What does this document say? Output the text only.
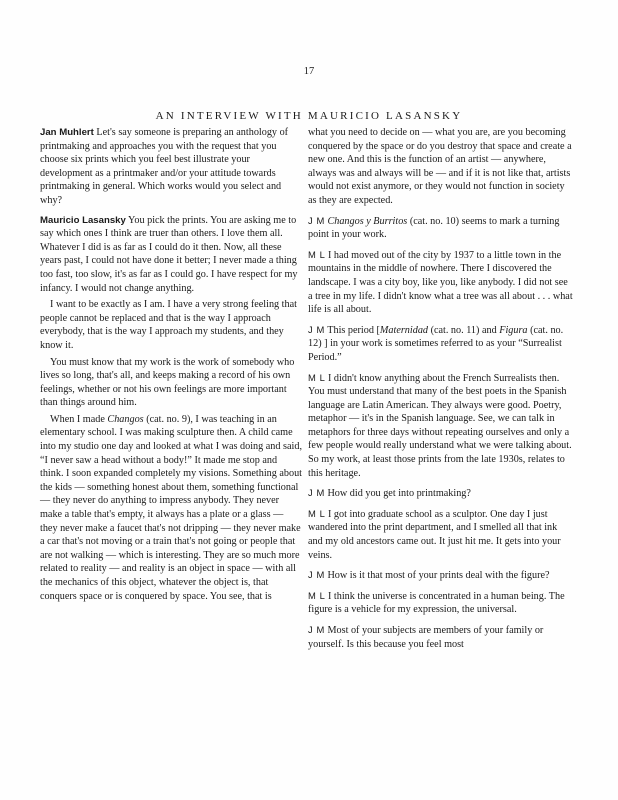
17
AN INTERVIEW WITH MAURICIO LASANSKY

Jan Muhlert Let's say someone is preparing an anthology of printmaking and approaches you with the request that you choose six prints which you feel best illustrate your development as a printmaker and/or your attitude towards printmaking in general. Which works would you select and why?

Mauricio Lasansky You pick the prints. You are asking me to say which ones I think are truer than others. I love them all. Whatever I did is as far as I could do it then. Now, all these years past, I could not have done it better; I never made a thing too fast, too slow, it's as far as I could go. I have respect for my infancy. I would not change anything.

I want to be exactly as I am. I have a very strong feeling that people cannot be replaced and that is the way I approach everybody, that is the way I approach my students, and they know it.

You must know that my work is the work of somebody who lives so long, that's all, and keeps making a record of his own feelings, whether or not his own feelings are more important than things around him.

When I made Changos (cat. no. 9), I was teaching in an elementary school. I was making sculpture then. A child came into my studio one day and looked at what I was doing and said, “I never saw a head without a body!” It made me stop and think. I soon expanded completely my visions. Something about the kids — something honest about them, something functional — they never do anything to impress anybody. They never make a table that's empty, it always has a plate or a glass — they never make a faucet that's not dripping — they never make a car that's not moving or a train that's not going or people that are not walking — which is interesting. They are so much more related to reality — and reality is an object in space — with all the mechanics of this object, whatever the object is, that conquers space or is conquered by space. You see, that is

what you need to decide on — what you are, are you becoming conquered by the space or do you destroy that space and create a new one. And this is the function of an artist — anywhere, always was and always will be — and if it is not like that, artists would not exist anymore, or they would not function in society as they are expected.

J M Changos y Burritos (cat. no. 10) seems to mark a turning point in your work.

M L I had moved out of the city by 1937 to a little town in the mountains in the middle of nowhere. There I discovered the landscape. I was a city boy, like you, like anybody. I did not see a tree in my life. I didn't know what a tree was all about . . . what life is all about.

J M This period [Maternidad (cat. no. 11) and Figura (cat. no. 12) ] in your work is sometimes referred to as your “Surrealist Period.”

M L I didn't know anything about the French Surrealists then. You must understand that many of the best poets in the Spanish language are Latin American. They always were good. Poetry, metaphor — it's in the Spanish language. See, we can talk in metaphors for three days without repeating ourselves and only a few people would really understand what we were talking about. So my work, at least those prints from the late 1930s, relates to this heritage.

J M How did you get into printmaking?

M L I got into graduate school as a sculptor. One day I just wandered into the print department, and I smelled all that ink and my old ancestors came out. It just hit me. It gets into your veins.

J M How is it that most of your prints deal with the figure?

M L I think the universe is concentrated in a human being. The figure is a vehicle for my expression, the universal.

J M Most of your subjects are members of your family or yourself. Is this because you feel most
